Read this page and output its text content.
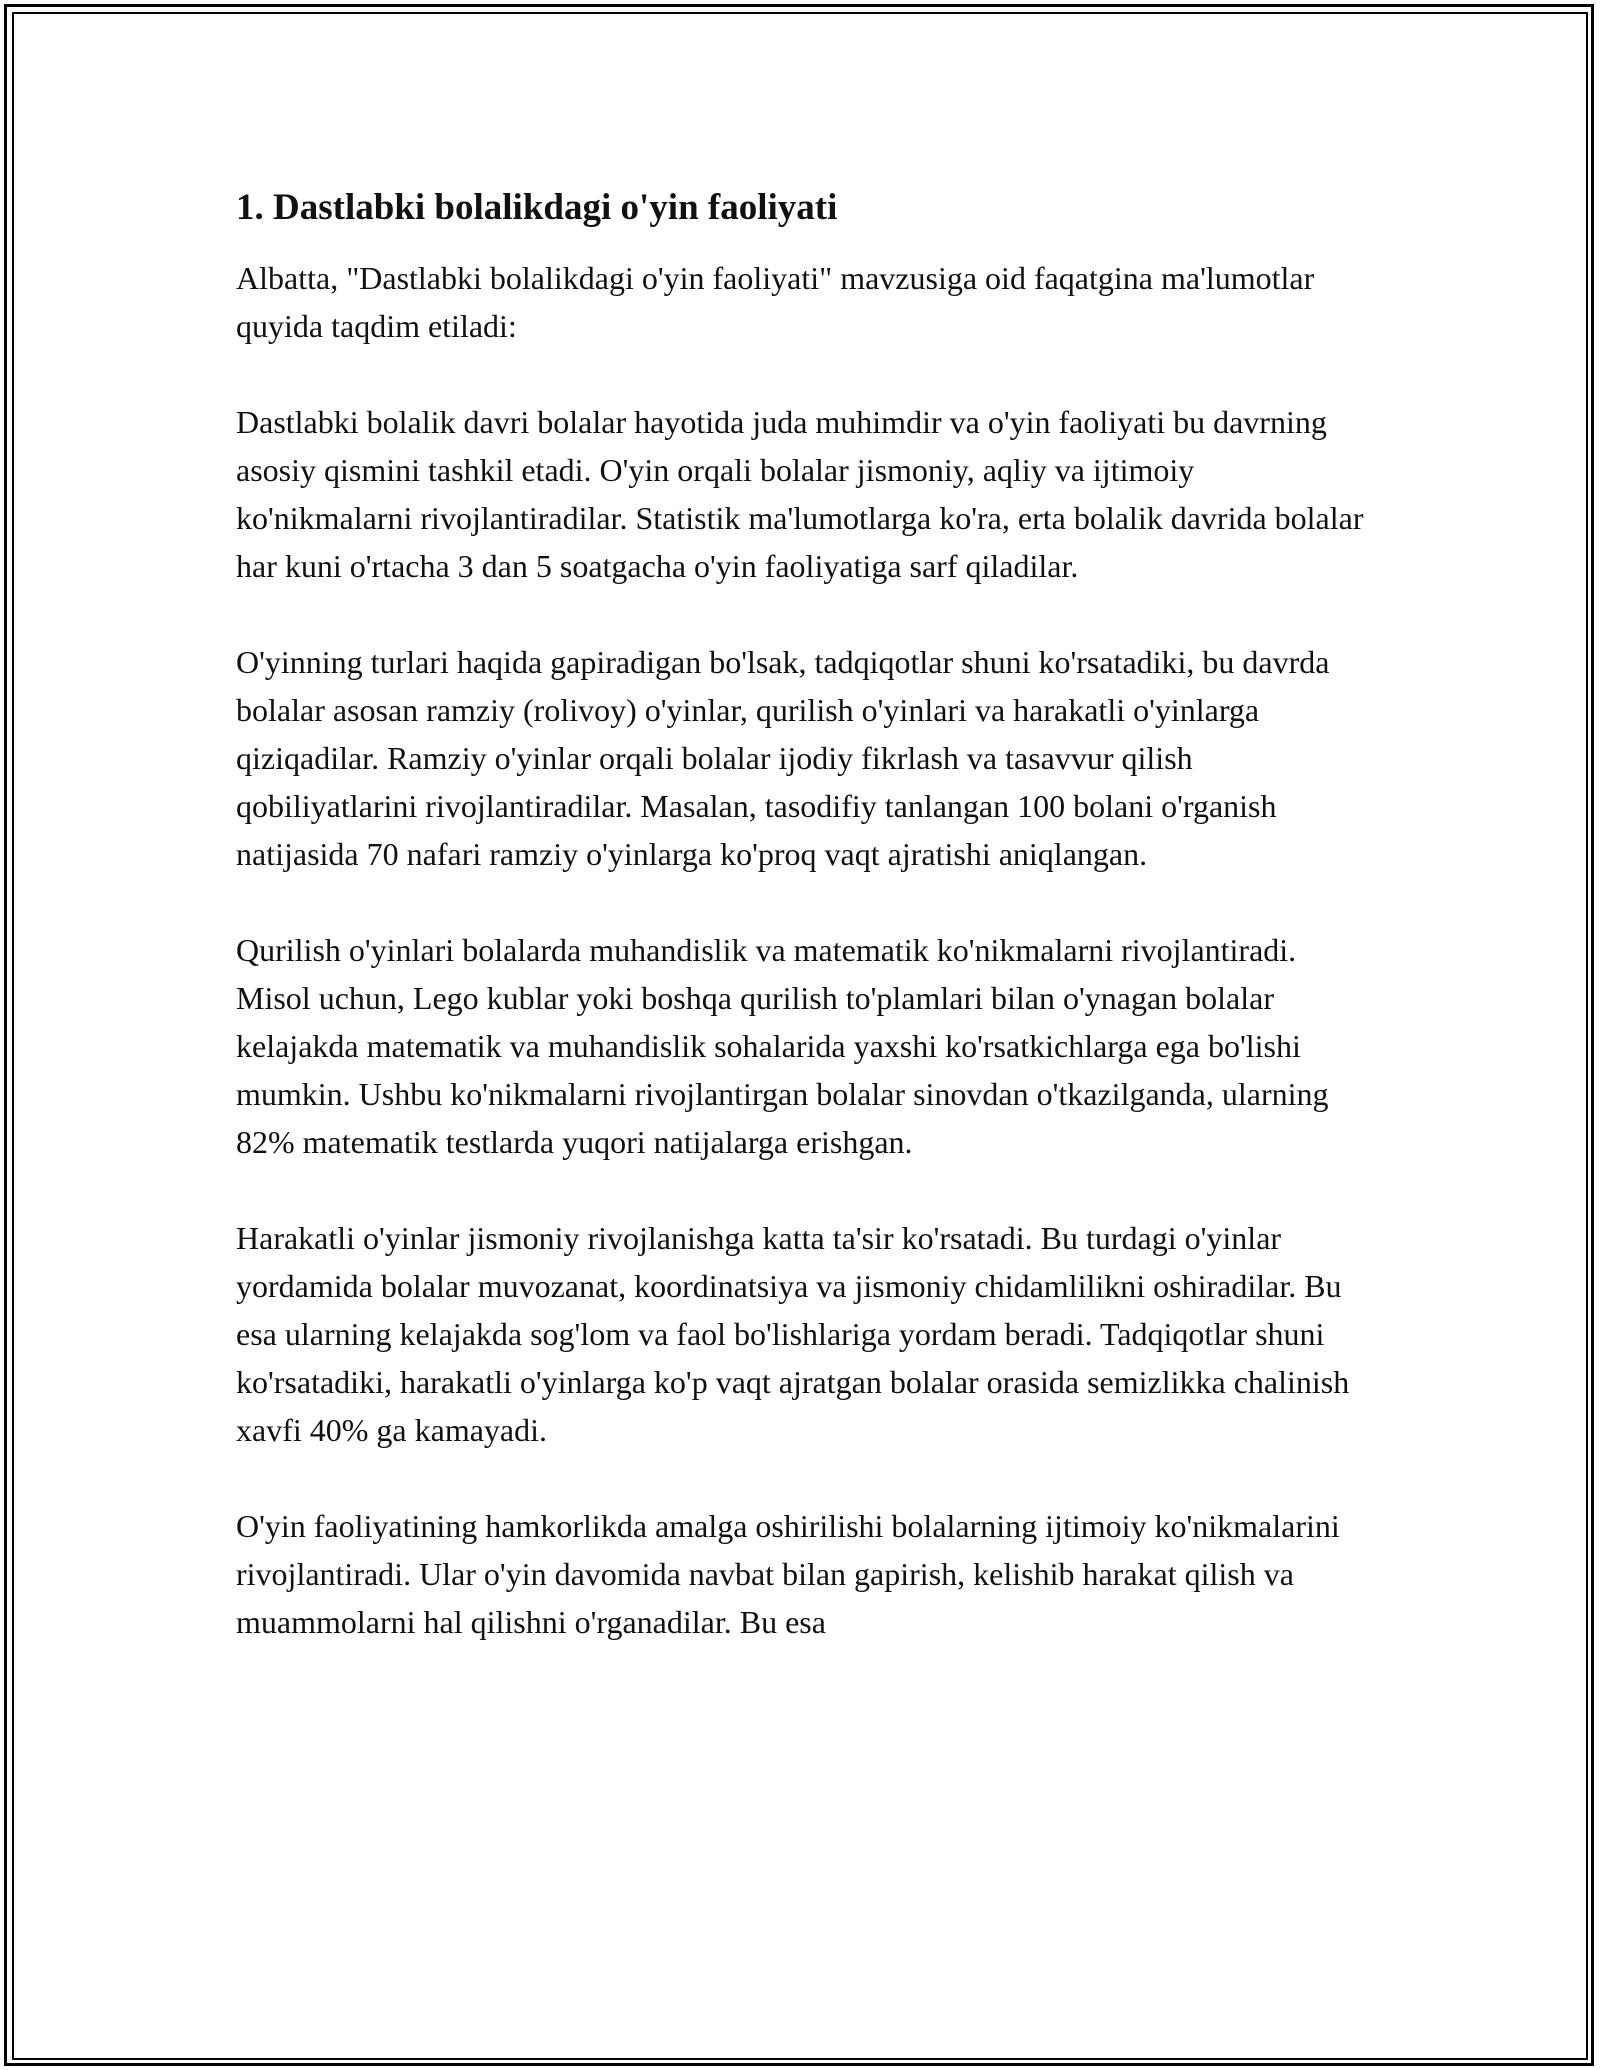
1. Dastlabki bolalikdagi o'yin faoliyati

Albatta, "Dastlabki bolalikdagi o'yin faoliyati" mavzusiga oid faqatgina ma'lumotlar quyida taqdim etiladi:

Dastlabki bolalik davri bolalar hayotida juda muhimdir va o'yin faoliyati bu davrning asosiy qismini tashkil etadi. O'yin orqali bolalar jismoniy, aqliy va ijtimoiy ko'nikmalarni rivojlantiradilar. Statistik ma'lumotlarga ko'ra, erta bolalik davrida bolalar har kuni o'rtacha 3 dan 5 soatgacha o'yin faoliyatiga sarf qiladilar.

O'yinning turlari haqida gapiradigan bo'lsak, tadqiqotlar shuni ko'rsatadiki, bu davrda bolalar asosan ramziy (rolivoy) o'yinlar, qurilish o'yinlari va harakatli o'yinlarga qiziqadilar. Ramziy o'yinlar orqali bolalar ijodiy fikrlash va tasavvur qilish qobiliyatlarini rivojlantiradilar. Masalan, tasodifiy tanlangan 100 bolani o'rganish natijasida 70 nafari ramziy o'yinlarga ko'proq vaqt ajratishi aniqlangan.

Qurilish o'yinlari bolalarda muhandislik va matematik ko'nikmalarni rivojlantiradi. Misol uchun, Lego kublar yoki boshqa qurilish to'plamlari bilan o'ynagan bolalar kelajakda matematik va muhandislik sohalarida yaxshi ko'rsatkichlarga ega bo'lishi mumkin. Ushbu ko'nikmalarni rivojlantirgan bolalar sinovdan o'tkazilganda, ularning 82% matematik testlarda yuqori natijalarga erishgan.

Harakatli o'yinlar jismoniy rivojlanishga katta ta'sir ko'rsatadi. Bu turdagi o'yinlar yordamida bolalar muvozanat, koordinatsiya va jismoniy chidamlilikni oshiradilar. Bu esa ularning kelajakda sog'lom va faol bo'lishlariga yordam beradi. Tadqiqotlar shuni ko'rsatadiki, harakatli o'yinlarga ko'p vaqt ajratgan bolalar orasida semizlikka chalinish xavfi 40% ga kamayadi.

O'yin faoliyatining hamkorlikda amalga oshirilishi bolalarning ijtimoiy ko'nikmalarini rivojlantiradi. Ular o'yin davomida navbat bilan gapirish, kelishib harakat qilish va muammolarni hal qilishni o'rganadilar. Bu esa
